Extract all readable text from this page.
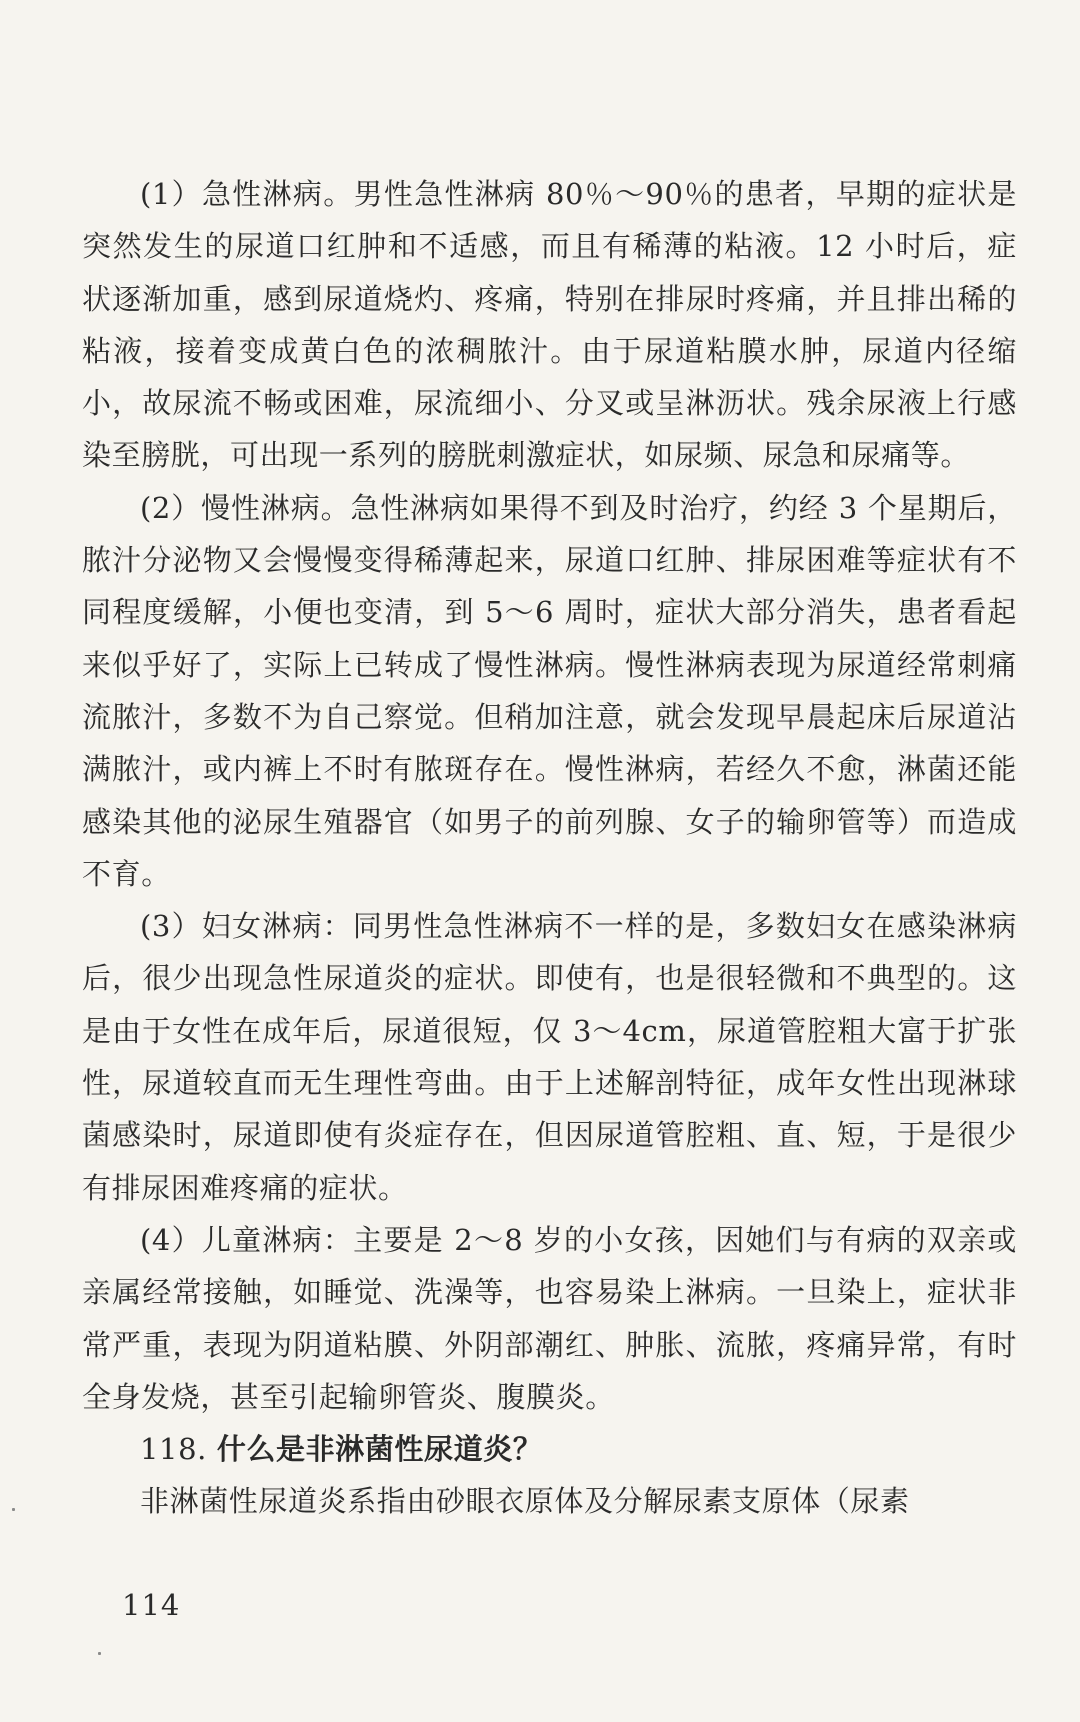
(1）急性淋病。男性急性淋病 80％～90％的患者，早期的症状是突然发生的尿道口红肿和不适感，而且有稀薄的粘液。12 小时后，症状逐渐加重，感到尿道烧灼、疼痛，特别在排尿时疼痛，并且排出稀的粘液，接着变成黄白色的浓稠脓汁。由于尿道粘膜水肿，尿道内径缩小，故尿流不畅或困难，尿流细小、分叉或呈淋沥状。残余尿液上行感染至膀胱，可出现一系列的膀胱刺激症状，如尿频、尿急和尿痛等。

(2）慢性淋病。急性淋病如果得不到及时治疗，约经 3 个星期后，脓汁分泌物又会慢慢变得稀薄起来，尿道口红肿、排尿困难等症状有不同程度缓解，小便也变清，到 5～6 周时，症状大部分消失，患者看起来似乎好了，实际上已转成了慢性淋病。慢性淋病表现为尿道经常刺痛流脓汁，多数不为自己察觉。但稍加注意，就会发现早晨起床后尿道沾满脓汁，或内裤上不时有脓斑存在。慢性淋病，若经久不愈，淋菌还能感染其他的泌尿生殖器官（如男子的前列腺、女子的输卵管等）而造成不育。

(3）妇女淋病：同男性急性淋病不一样的是，多数妇女在感染淋病后，很少出现急性尿道炎的症状。即使有，也是很轻微和不典型的。这是由于女性在成年后，尿道很短，仅 3～4cm，尿道管腔粗大富于扩张性，尿道较直而无生理性弯曲。由于上述解剖特征，成年女性出现淋球菌感染时，尿道即使有炎症存在，但因尿道管腔粗、直、短，于是很少有排尿困难疼痛的症状。

(4）儿童淋病：主要是 2～8 岁的小女孩，因她们与有病的双亲或亲属经常接触，如睡觉、洗澡等，也容易染上淋病。一旦染上，症状非常严重，表现为阴道粘膜、外阴部潮红、肿胀、流脓，疼痛异常，有时全身发烧，甚至引起输卵管炎、腹膜炎。

118. 什么是非淋菌性尿道炎？

非淋菌性尿道炎系指由砂眼衣原体及分解尿素支原体（尿素

114
